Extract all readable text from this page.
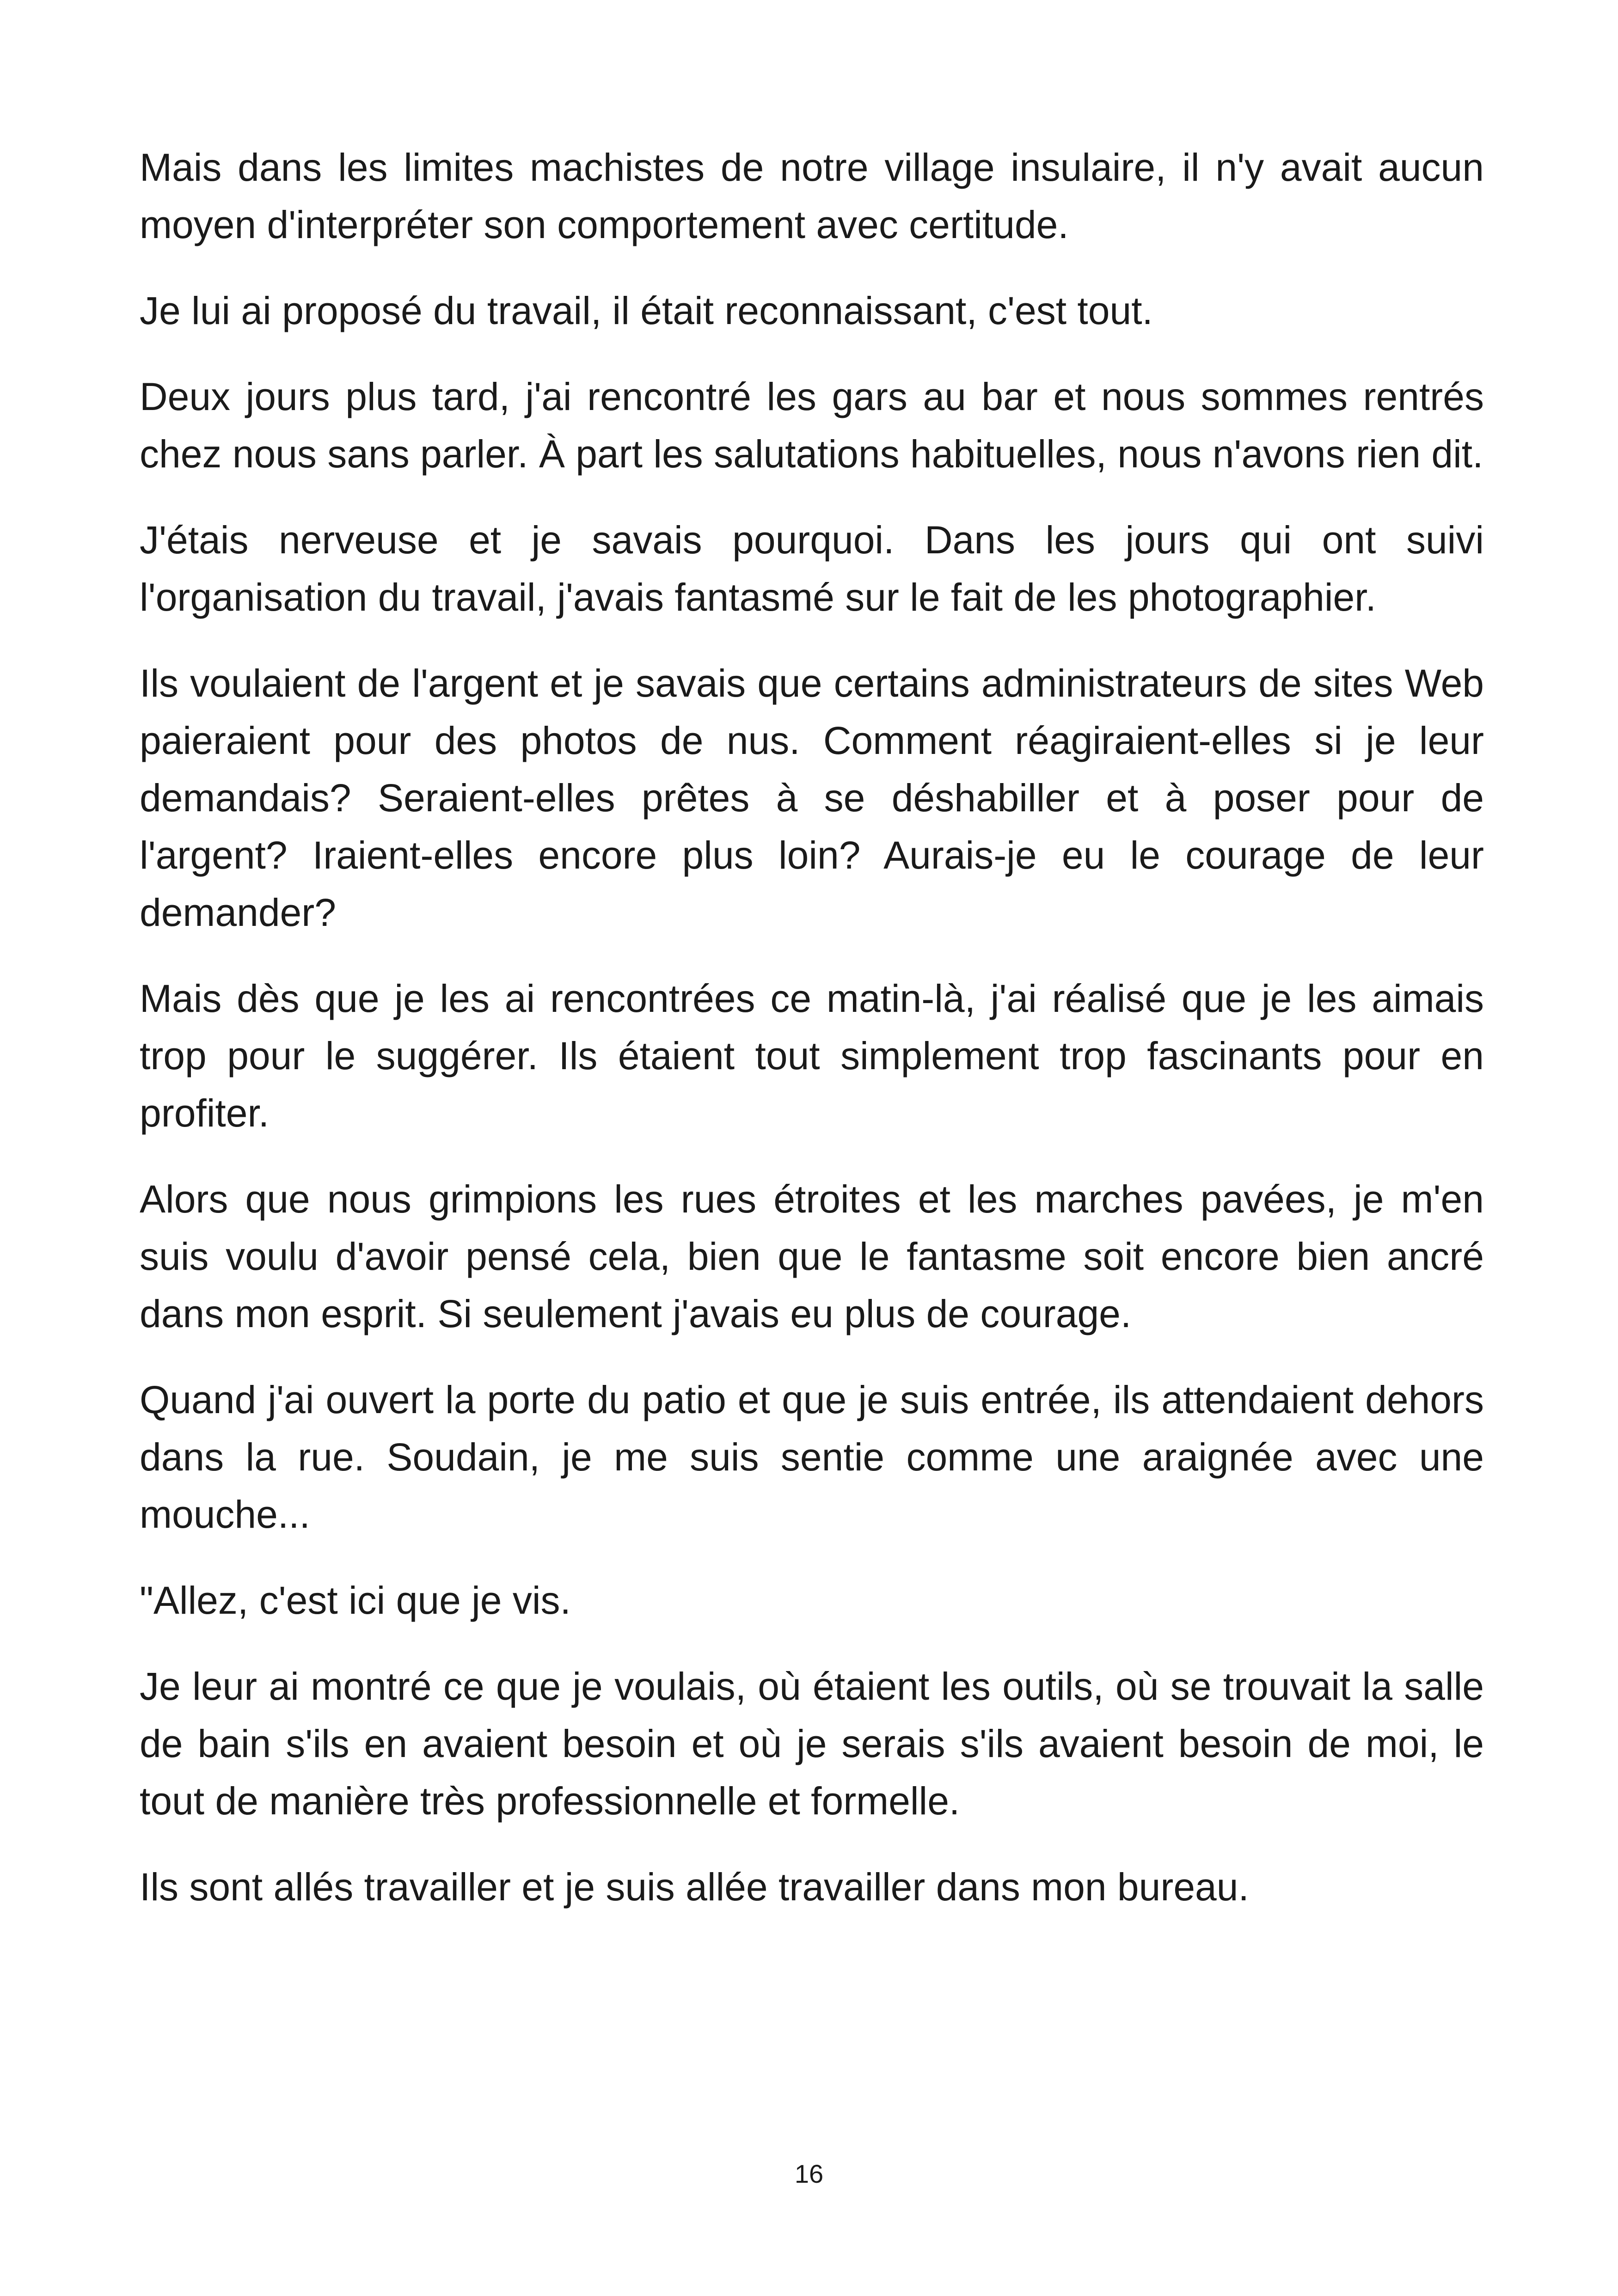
Mais dans les limites machistes de notre village insulaire, il n'y avait aucun moyen d'interpréter son comportement avec certitude.

Je lui ai proposé du travail, il était reconnaissant, c'est tout.

Deux jours plus tard, j'ai rencontré les gars au bar et nous sommes rentrés chez nous sans parler. À part les salutations habituelles, nous n'avons rien dit.

J'étais nerveuse et je savais pourquoi. Dans les jours qui ont suivi l'organisation du travail, j'avais fantasmé sur le fait de les photographier.

Ils voulaient de l'argent et je savais que certains administrateurs de sites Web paieraient pour des photos de nus. Comment réagiraient-elles si je leur demandais? Seraient-elles prêtes à se déshabiller et à poser pour de l'argent? Iraient-elles encore plus loin? Aurais-je eu le courage de leur demander?

Mais dès que je les ai rencontrées ce matin-là, j'ai réalisé que je les aimais trop pour le suggérer. Ils étaient tout simplement trop fascinants pour en profiter.

Alors que nous grimpions les rues étroites et les marches pavées, je m'en suis voulu d'avoir pensé cela, bien que le fantasme soit encore bien ancré dans mon esprit. Si seulement j'avais eu plus de courage.

Quand j'ai ouvert la porte du patio et que je suis entrée, ils attendaient dehors dans la rue. Soudain, je me suis sentie comme une araignée avec une mouche...

"Allez, c'est ici que je vis.

Je leur ai montré ce que je voulais, où étaient les outils, où se trouvait la salle de bain s'ils en avaient besoin et où je serais s'ils avaient besoin de moi, le tout de manière très professionnelle et formelle.

Ils sont allés travailler et je suis allée travailler dans mon bureau.

16
